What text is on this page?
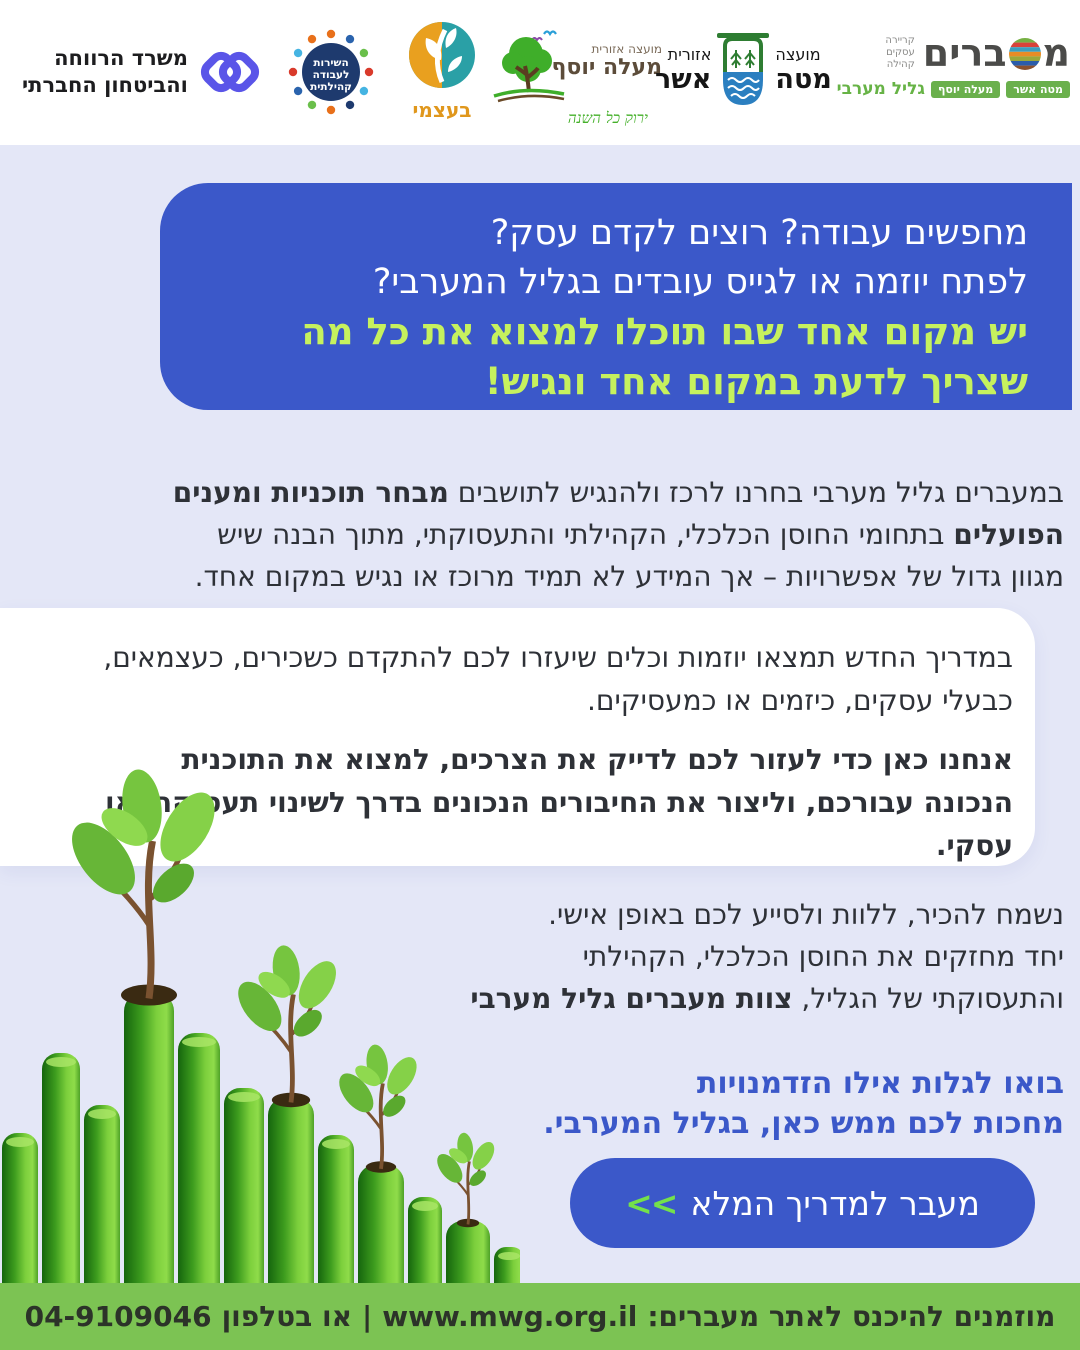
משרד הרווחה
והביטחון החברתי
השירות
לעבודה
קהילתית
בעצמי
מועצה אזורית
מעלה יוסף
ירוק כל השנה
מועצה
מטה
אזורית
אשר
מ
ברים
קריירה
עסקים
קהילה
מטה אשר
מעלה יוסף
גליל מערבי
מחפשים עבודה? רוצים לקדם עסק?
לפתח יוזמה או לגייס עובדים בגליל המערבי?
יש מקום אחד שבו תוכלו למצוא את כל מה
שצריך לדעת במקום אחד ונגיש!

במעברים גליל מערבי בחרנו לרכז ולהנגיש לתושבים מבחר תוכניות ומענים הפועלים בתחומי החוסן הכלכלי, הקהילתי והתעסוקתי, מתוך הבנה שיש מגוון גדול של אפשרויות – אך המידע לא תמיד מרוכז או נגיש במקום אחד.

במדריך החדש תמצאו יוזמות וכלים שיעזרו לכם להתקדם כשכירים, כעצמאים, כבעלי עסקים, כיזמים או כמעסיקים.
אנחנו כאן כדי לעזור לכם לדייק את הצרכים, למצוא את התוכנית הנכונה עבורכם, וליצור את החיבורים הנכונים בדרך לשינוי תעסוקתי או עסקי.
נשמח להכיר, ללוות ולסייע לכם באופן אישי.
יחד מחזקים את החוסן הכלכלי, הקהילתי
והתעסוקתי של הגליל, צוות מעברים גליל מערבי
בואו לגלות אילו הזדמנויות
מחכות לכם ממש כאן, בגליל המערבי.
מעבר למדריך המלא
<<
מוזמנים להיכנס לאתר מעברים:
www.mwg.org.il
|
או בטלפון
04-9109046
